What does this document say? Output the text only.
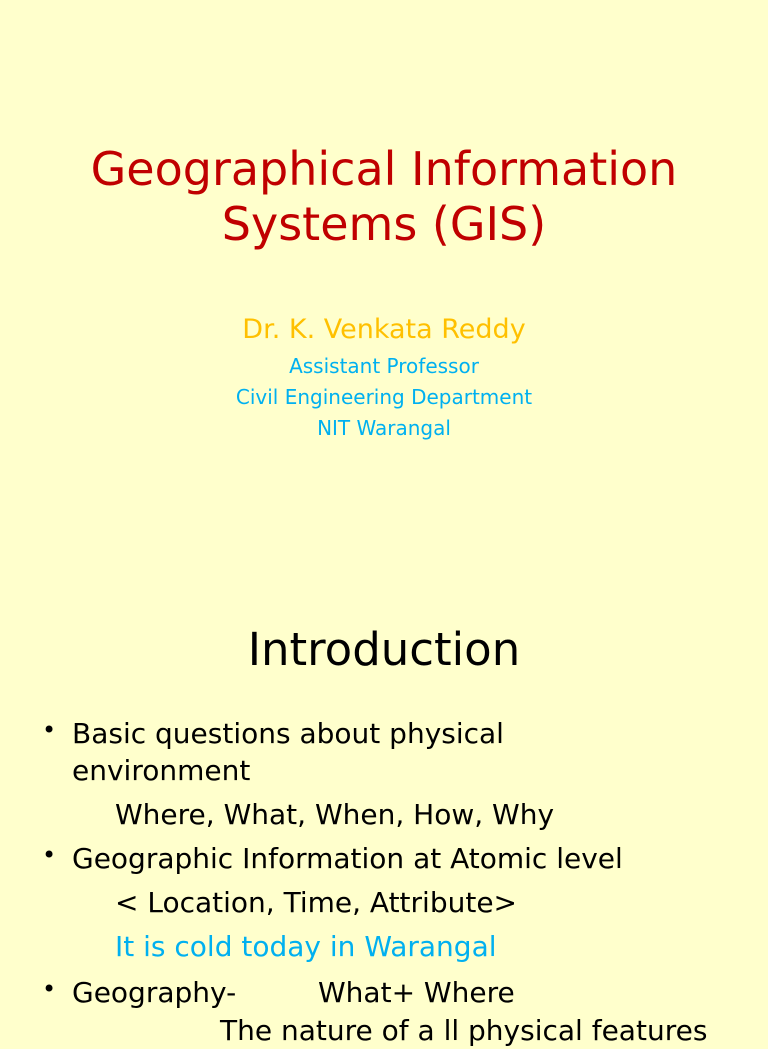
Geographical Information
Systems (GIS)
Dr. K. Venkata Reddy
Assistant Professor
Civil Engineering Department
NIT Warangal
Introduction
• Basic questions about physical
environment
Where, What, When, How, Why
• Geographic Information at Atomic level
< Location, Time, Attribute>
It is cold today in Warangal
• Geography-	What+ Where
The nature of a ll physical features
